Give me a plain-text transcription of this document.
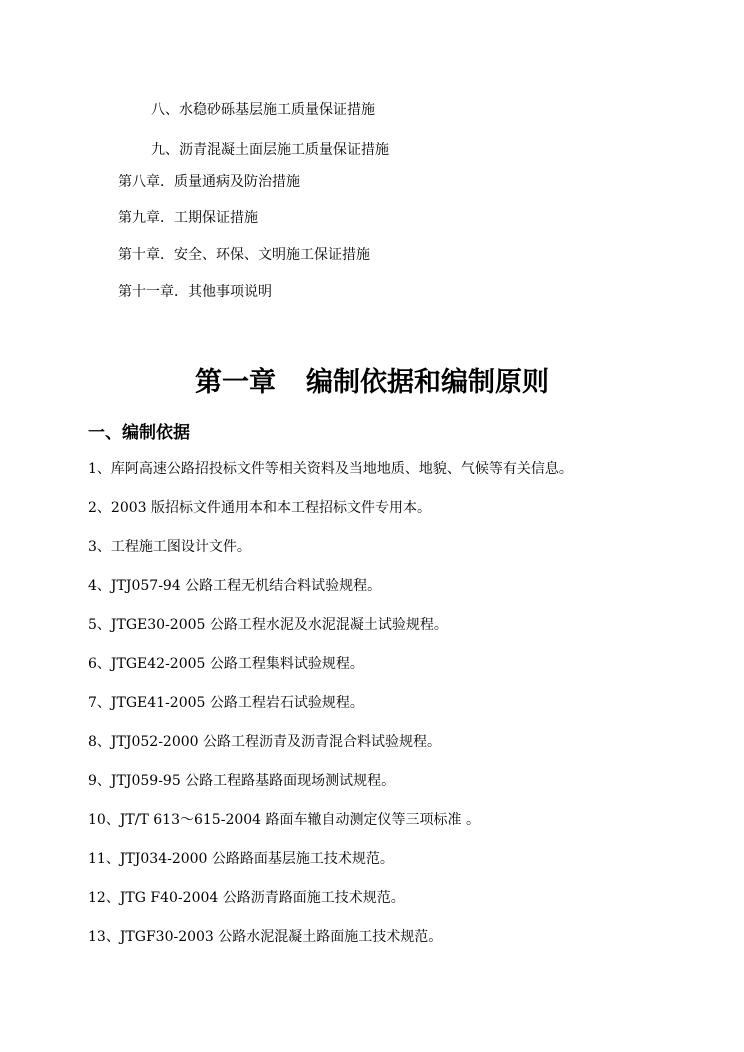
八、水稳砂砾基层施工质量保证措施
九、沥青混凝土面层施工质量保证措施
第八章．质量通病及防治措施
第九章．工期保证措施
第十章．安全、环保、文明施工保证措施
第十一章．其他事项说明
第一章 编制依据和编制原则
一、编制依据
1、库阿高速公路招投标文件等相关资料及当地地质、地貌、气候等有关信息。
2、2003 版招标文件通用本和本工程招标文件专用本。
3、工程施工图设计文件。
4、JTJ057-94 公路工程无机结合料试验规程。
5、JTGE30-2005 公路工程水泥及水泥混凝土试验规程。
6、JTGE42-2005 公路工程集料试验规程。
7、JTGE41-2005 公路工程岩石试验规程。
8、JTJ052-2000 公路工程沥青及沥青混合料试验规程。
9、JTJ059-95 公路工程路基路面现场测试规程。
10、JT/T 613～615-2004 路面车辙自动测定仪等三项标准 。
11、JTJ034-2000 公路路面基层施工技术规范。
12、JTG F40-2004 公路沥青路面施工技术规范。
13、JTGF30-2003 公路水泥混凝土路面施工技术规范。
